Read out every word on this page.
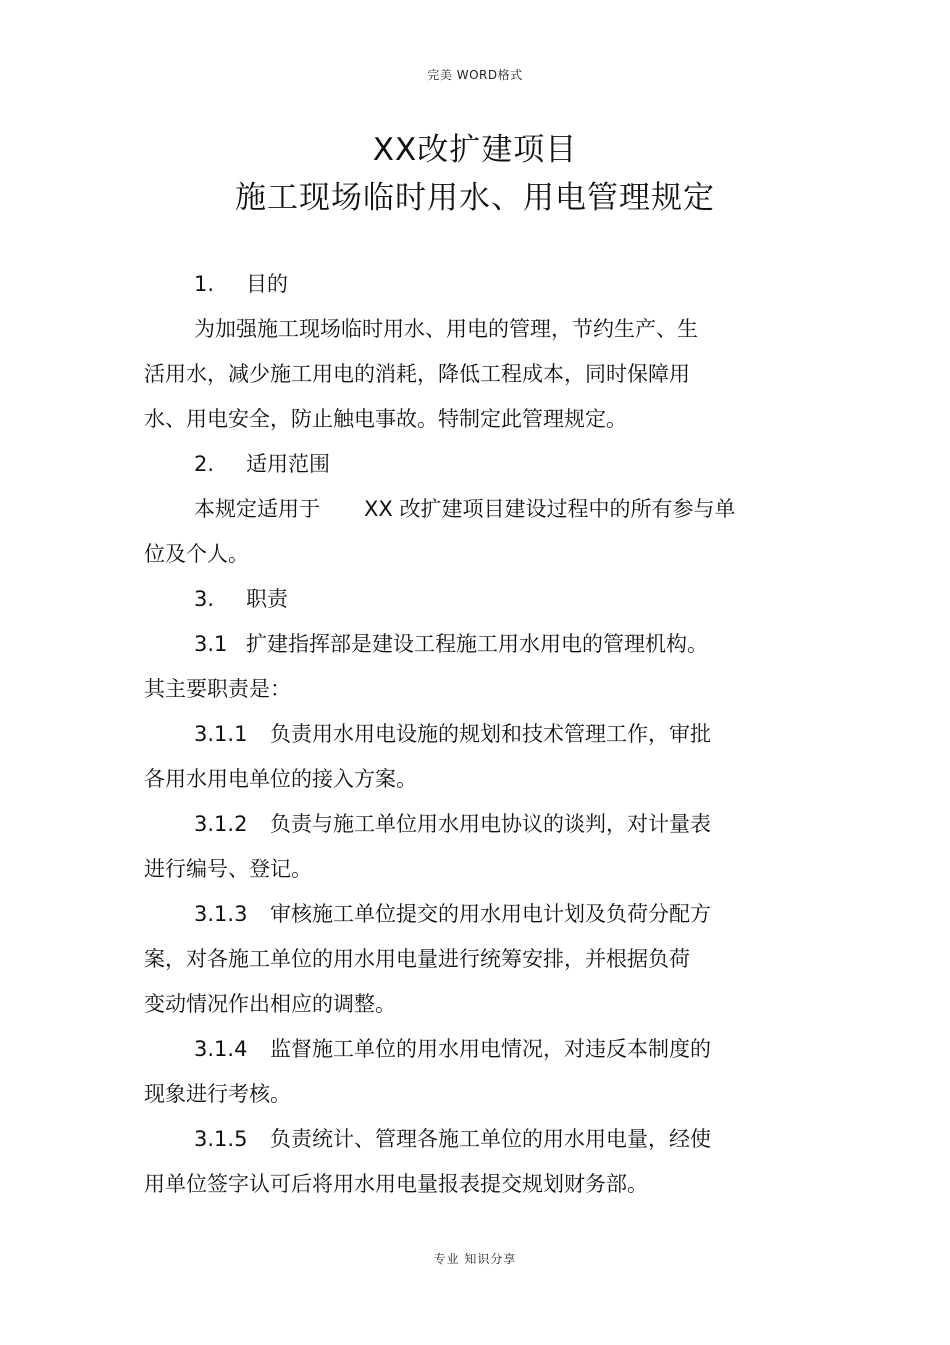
完美 WORD格式
XX改扩建项目
施工现场临时用水、用电管理规定
1. 目的
为加强施工现场临时用水、用电的管理，节约生产、生
活用水，减少施工用电的消耗，降低工程成本，同时保障用
水、用电安全，防止触电事故。特制定此管理规定。
2. 适用范围
本规定适用于 XX 改扩建项目建设过程中的所有参与单
位及个人。
3. 职责
3.1 扩建指挥部是建设工程施工用水用电的管理机构。
其主要职责是：
3.1.1 负责用水用电设施的规划和技术管理工作，审批
各用水用电单位的接入方案。
3.1.2 负责与施工单位用水用电协议的谈判，对计量表
进行编号、登记。
3.1.3 审核施工单位提交的用水用电计划及负荷分配方
案，对各施工单位的用水用电量进行统筹安排，并根据负荷
变动情况作出相应的调整。
3.1.4 监督施工单位的用水用电情况，对违反本制度的
现象进行考核。
3.1.5 负责统计、管理各施工单位的用水用电量，经使
用单位签字认可后将用水用电量报表提交规划财务部。
专业 知识分享
